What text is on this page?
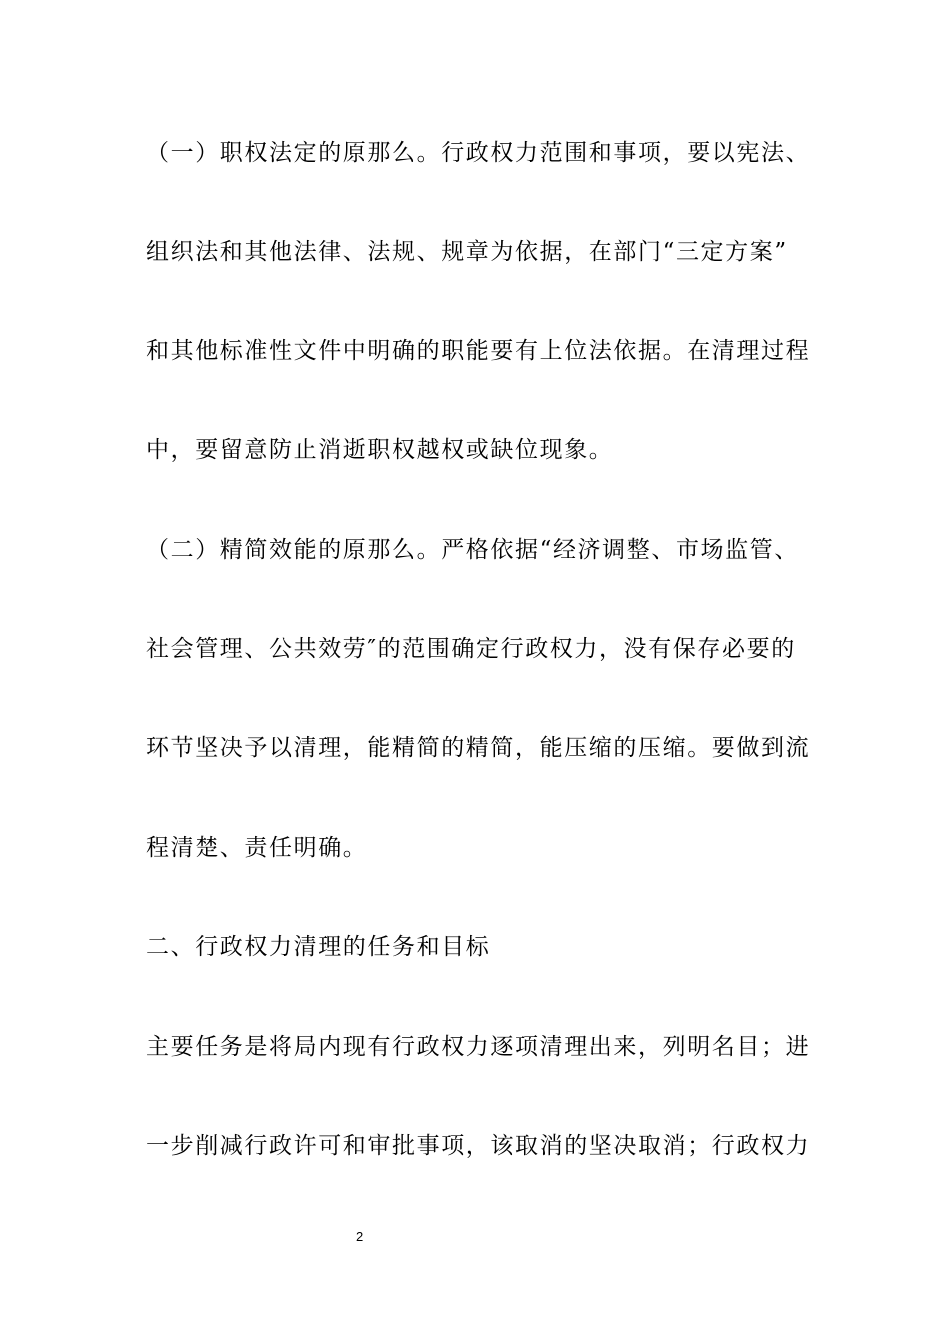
（一）职权法定的原那么。行政权力范围和事项，要以宪法、
组织法和其他法律、法规、规章为依据，在部门“三定方案”
和其他标准性文件中明确的职能要有上位法依据。在清理过程
中，要留意防止消逝职权越权或缺位现象。
（二）精简效能的原那么。严格依据“经济调整、市场监管、
社会管理、公共效劳″的范围确定行政权力，没有保存必要的
环节坚决予以清理，能精简的精简，能压缩的压缩。要做到流
程清楚、责任明确。
二、行政权力清理的任务和目标
主要任务是将局内现有行政权力逐项清理出来，列明名目；进
一步削减行政许可和审批事项，该取消的坚决取消；行政权力
2
